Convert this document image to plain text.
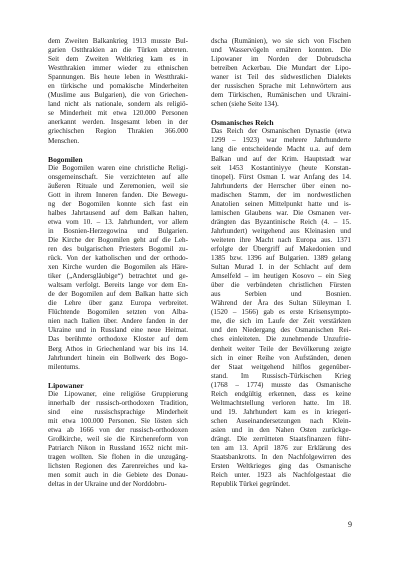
dem Zweiten Balkankrieg 1913 musste Bul-
garien Ostthrakien an die Türken abtreten.
Seit dem Zweiten Weltkrieg kam es in
Westthrakien immer wieder zu ethnischen
Spannungen. Bis heute leben in Westthraki-
en türkische und pomakische Minderheiten
(Muslime aus Bulgarien), die von Griechen-
land nicht als nationale, sondern als religiö-
se Minderheit mit etwa 120.000 Personen
anerkannt werden. Insgesamt leben in der
griechischen Region Thrakien 366.000
Menschen.
Bogomilen
Die Bogomilen waren eine christliche Religi-
onsgemeinschaft. Sie verzichteten auf alle
äußeren Rituale und Zeremonien, weil sie
Gott in ihrem Inneren fanden. Die Bewegu-
ng der Bogomilen konnte sich fast ein
halbes Jahrtausend auf dem Balkan halten,
etwa vom 10. – 13. Jahrhundert, vor allem
in Bosnien-Herzegowina und Bulgarien.
Die Kirche der Bogomilen geht auf die Leh-
ren des bulgarischen Priesters Bogomil zu-
rück. Von der katholischen und der orthodo-
xen Kirche wurden die Bogomilen als Häre-
tiker („Andersgläubige“) betrachtet und ge-
waltsam verfolgt. Bereits lange vor dem En-
de der Bogomilen auf dem Balkan hatte sich
die Lehre über ganz Europa verbreitet.
Flüchtende Bogomilen setzten von Alba-
nien nach Italien über. Andere fanden in der
Ukraine und in Russland eine neue Heimat.
Das berühmte orthodoxe Kloster auf dem
Berg Athos in Griechenland war bis ins 14.
Jahrhundert hinein ein Bollwerk des Bogo-
milentums.
Lipowaner
Die Lipowaner, eine religiöse Gruppierung
innerhalb der russisch-orthodoxen Tradition,
sind eine russischsprachige Minderheit
mit etwa 100.000 Personen. Sie lösten sich
etwa ab 1666 von der russisch-orthodoxen
Großkirche, weil sie die Kirchenreform von
Patriarch Nikon in Russland 1652 nicht mit-
tragen wollten. Sie flohen in die unzugäng-
lichsten Regionen des Zarenreiches und ka-
men somit auch in die Gebiete des Donau-
deltas in der Ukraine und der Norddobru-
dscha (Rumänien), wo sie sich von Fischen
und Wasservögeln ernähren konnten. Die
Lipowaner im Norden der Dobrudscha
betreiben Ackerbau. Die Mundart der Lipo-
waner ist Teil des südwestlichen Dialekts
der russischen Sprache mit Lehnwörtern aus
dem Türkischen, Rumänischen und Ukraini-
schen (siehe Seite 134).
Osmanisches Reich
Das Reich der Osmanischen Dynastie (etwa
1299 – 1923) war mehrere Jahrhunderte
lang die entscheidende Macht u.a. auf dem
Balkan und auf der Krim. Hauptstadt war
seit 1453 Kostantiniyye (heute Konstan-
tinopel). Fürst Osman I. war Anfang des 14.
Jahrhunderts der Herrscher über einen no-
madischen Stamm, der im nordwestlichen
Anatolien seinen Mittelpunkt hatte und is-
lamischen Glaubens war. Die Osmanen ver-
drängten das Byzantinische Reich (4. – 15.
Jahrhundert) weitgehend aus Kleinasien und
weiteten ihre Macht nach Europa aus. 1371
erfolgte der Übergriff auf Makedonien und
1385 bzw. 1396 auf Bulgarien. 1389 gelang
Sultan Murad I. in der Schlacht auf dem
Amselfeld – im heutigen Kosovo – ein Sieg
über die verbündeten christlichen Fürsten
aus Serbien und Bosnien.
Während der Ära des Sultan Süleyman I.
(1520 – 1566) gab es erste Krisensympto-
me, die sich im Laufe der Zeit verstärkten
und den Niedergang des Osmanischen Rei-
ches einleiteten. Die zunehmende Unzufrie-
denheit weiter Teile der Bevölkerung zeigte
sich in einer Reihe von Aufständen, denen
der Staat weitgehend hilflos gegenüber-
stand. Im Russisch-Türkischen Krieg
(1768 – 1774) musste das Osmanische
Reich endgültig erkennen, dass es keine
Weltmachtstellung verloren hatte. Im 18.
und 19. Jahrhundert kam es in kriegeri-
schen Auseinandersetzungen nach Klein-
asien und in den Nahen Osten zurückge-
drängt. Die zerrütteten Staatsfinanzen führ-
ten am 13. April 1876 zur Erklärung des
Staatsbankrotts. In den Nachfolgewirren des
Ersten Weltkrieges ging das Osmanische
Reich unter. 1923 als Nachfolgestaat die
Republik Türkei gegründet.
9
